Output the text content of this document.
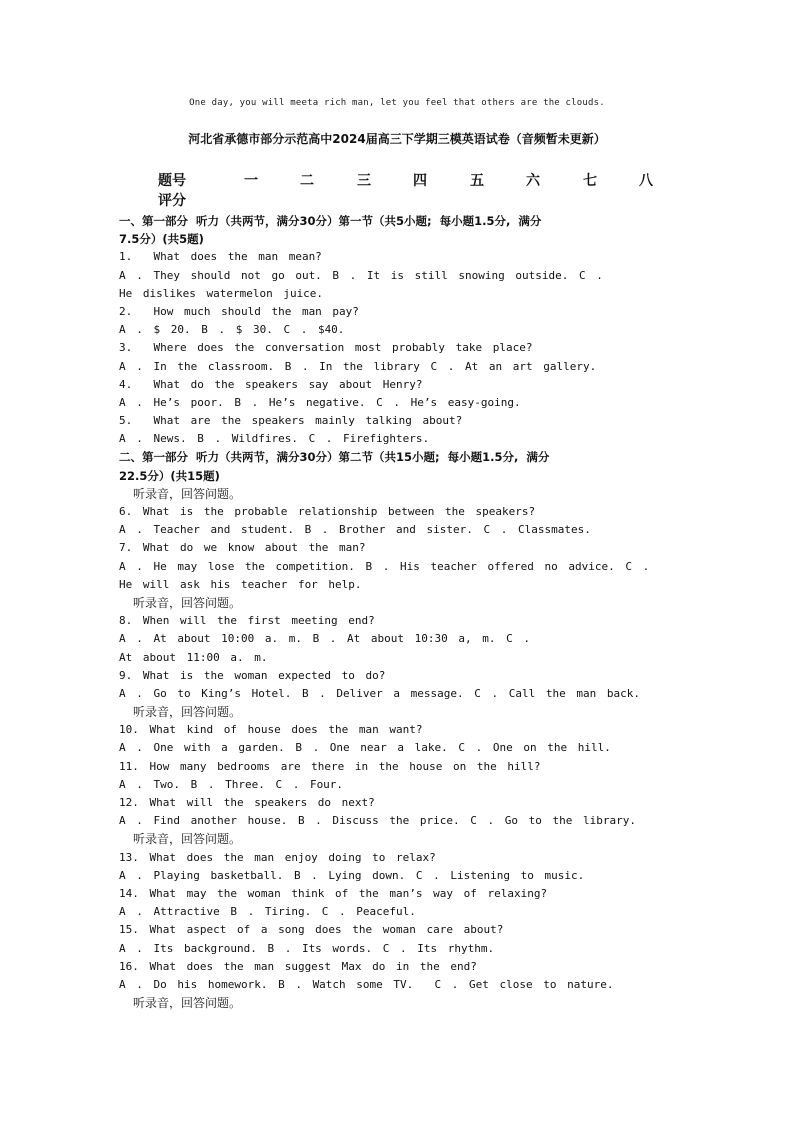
One day, you will meeta rich man, let you feel that others are the clouds.
河北省承德市部分示范高中2024届高三下学期三模英语试卷（音频暂未更新）
题号	一	二	三	四	五	六	七	八
评分
一、第一部分  听力（共两节，满分30分）第一节（共5小题;  每小题1.5分,  满分
7.5分）(共5题)
1.  What does the man mean?
A . They should not go out. B . It is still snowing outside. C .
He dislikes watermelon juice.
2.  How much should the man pay?
A . $ 20. B . $ 30. C . $40.
3.  Where does the conversation most probably take place?
A . In the classroom. B . In the library C . At an art gallery.
4.  What do the speakers say about Henry?
A . He’s poor. B . He’s negative. C . He’s easy-going.
5.  What are the speakers mainly talking about?
A . News. B . Wildfires. C . Firefighters.
二、第一部分  听力（共两节，满分30分）第二节（共15小题;  每小题1.5分,  满分
22.5分）(共15题)
听录音，回答问题。
6. What is the probable relationship between the speakers?
A . Teacher and student. B . Brother and sister. C . Classmates.
7. What do we know about the man?
A . He may lose the competition. B . His teacher offered no advice. C .
He will ask his teacher for help.
听录音，回答问题。
8. When will the first meeting end?
A . At about 10:00 a. m. B . At about 10:30 a, m. C .
At about 11:00 a. m.
9. What is the woman expected to do?
A . Go to King’s Hotel. B . Deliver a message. C . Call the man back.
听录音，回答问题。
10. What kind of house does the man want?
A . One with a garden. B . One near a lake. C . One on the hill.
11. How many bedrooms are there in the house on the hill?
A . Two. B . Three. C . Four.
12. What will the speakers do next?
A . Find another house. B . Discuss the price. C . Go to the library.
听录音，回答问题。
13. What does the man enjoy doing to relax?
A . Playing basketball. B . Lying down. C . Listening to music.
14. What may the woman think of the man’s way of relaxing?
A . Attractive B . Tiring. C . Peaceful.
15. What aspect of a song does the woman care about?
A . Its background. B . Its words. C . Its rhythm.
16. What does the man suggest Max do in the end?
A . Do his homework. B . Watch some TV.  C . Get close to nature.
听录音，回答问题。
